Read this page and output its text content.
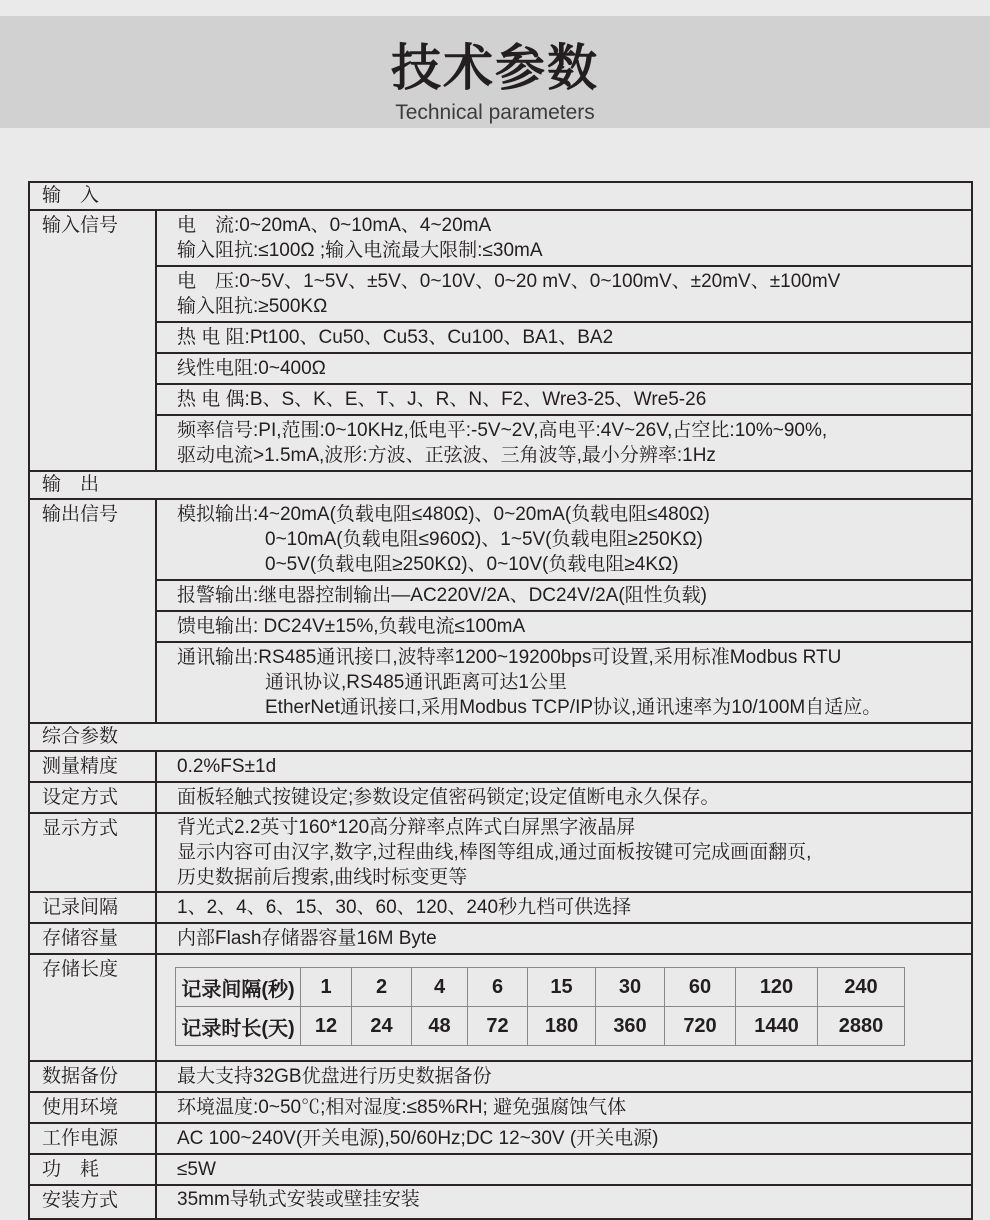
技术参数
Technical parameters
输　入
输入信号	电　流:0~20mA、0~10mA、4~20mA
输入阻抗:≤100Ω ;输入电流最大限制:≤30mA
电　压:0~5V、1~5V、±5V、0~10V、0~20 mV、0~100mV、±20mV、±100mV
输入阻抗:≥500KΩ
热 电 阻:Pt100、Cu50、Cu53、Cu100、BA1、BA2
线性电阻:0~400Ω
热 电 偶:B、S、K、E、T、J、R、N、F2、Wre3-25、Wre5-26
频率信号:PI,范围:0~10KHz,低电平:-5V~2V,高电平:4V~26V,占空比:10%~90%,
驱动电流>1.5mA,波形:方波、正弦波、三角波等,最小分辨率:1Hz

输　出
输出信号	模拟输出:4~20mA(负载电阻≤480Ω)、0~20mA(负载电阻≤480Ω)
0~10mA(负载电阻≤960Ω)、1~5V(负载电阻≥250KΩ)
0~5V(负载电阻≥250KΩ)、0~10V(负载电阻≥4KΩ)
报警输出:继电器控制输出—AC220V/2A、DC24V/2A(阻性负载)
馈电输出: DC24V±15%,负载电流≤100mA
通讯输出:RS485通讯接口,波特率1200~19200bps可设置,采用标准Modbus RTU
通讯协议,RS485通讯距离可达1公里
EtherNet通讯接口,采用Modbus TCP/IP协议,通讯速率为10/100M自适应。

综合参数
测量精度	0.2%FS±1d
设定方式	面板轻触式按键设定;参数设定值密码锁定;设定值断电永久保存。
显示方式	背光式2.2英寸160*120高分辩率点阵式白屏黑字液晶屏
显示内容可由汉字,数字,过程曲线,棒图等组成,通过面板按键可完成画面翻页,
历史数据前后搜索,曲线时标变更等

记录间隔	1、2、4、6、15、30、60、120、240秒九档可供选择
存储容量	内部Flash存储器容量16M Byte
存储长度	
记录间隔(秒)	1	2	4	6	15	30	60	120	240
记录时长(天)	12	24	48	72	180	360	720	1440	2880

数据备份	最大支持32GB优盘进行历史数据备份
使用环境	环境温度:0~50℃;相对湿度:≤85%RH; 避免强腐蚀气体
工作电源	AC 100~240V(开关电源),50/60Hz;DC 12~30V (开关电源)
功　耗	≤5W
安装方式	35mm导轨式安装或壁挂安装
